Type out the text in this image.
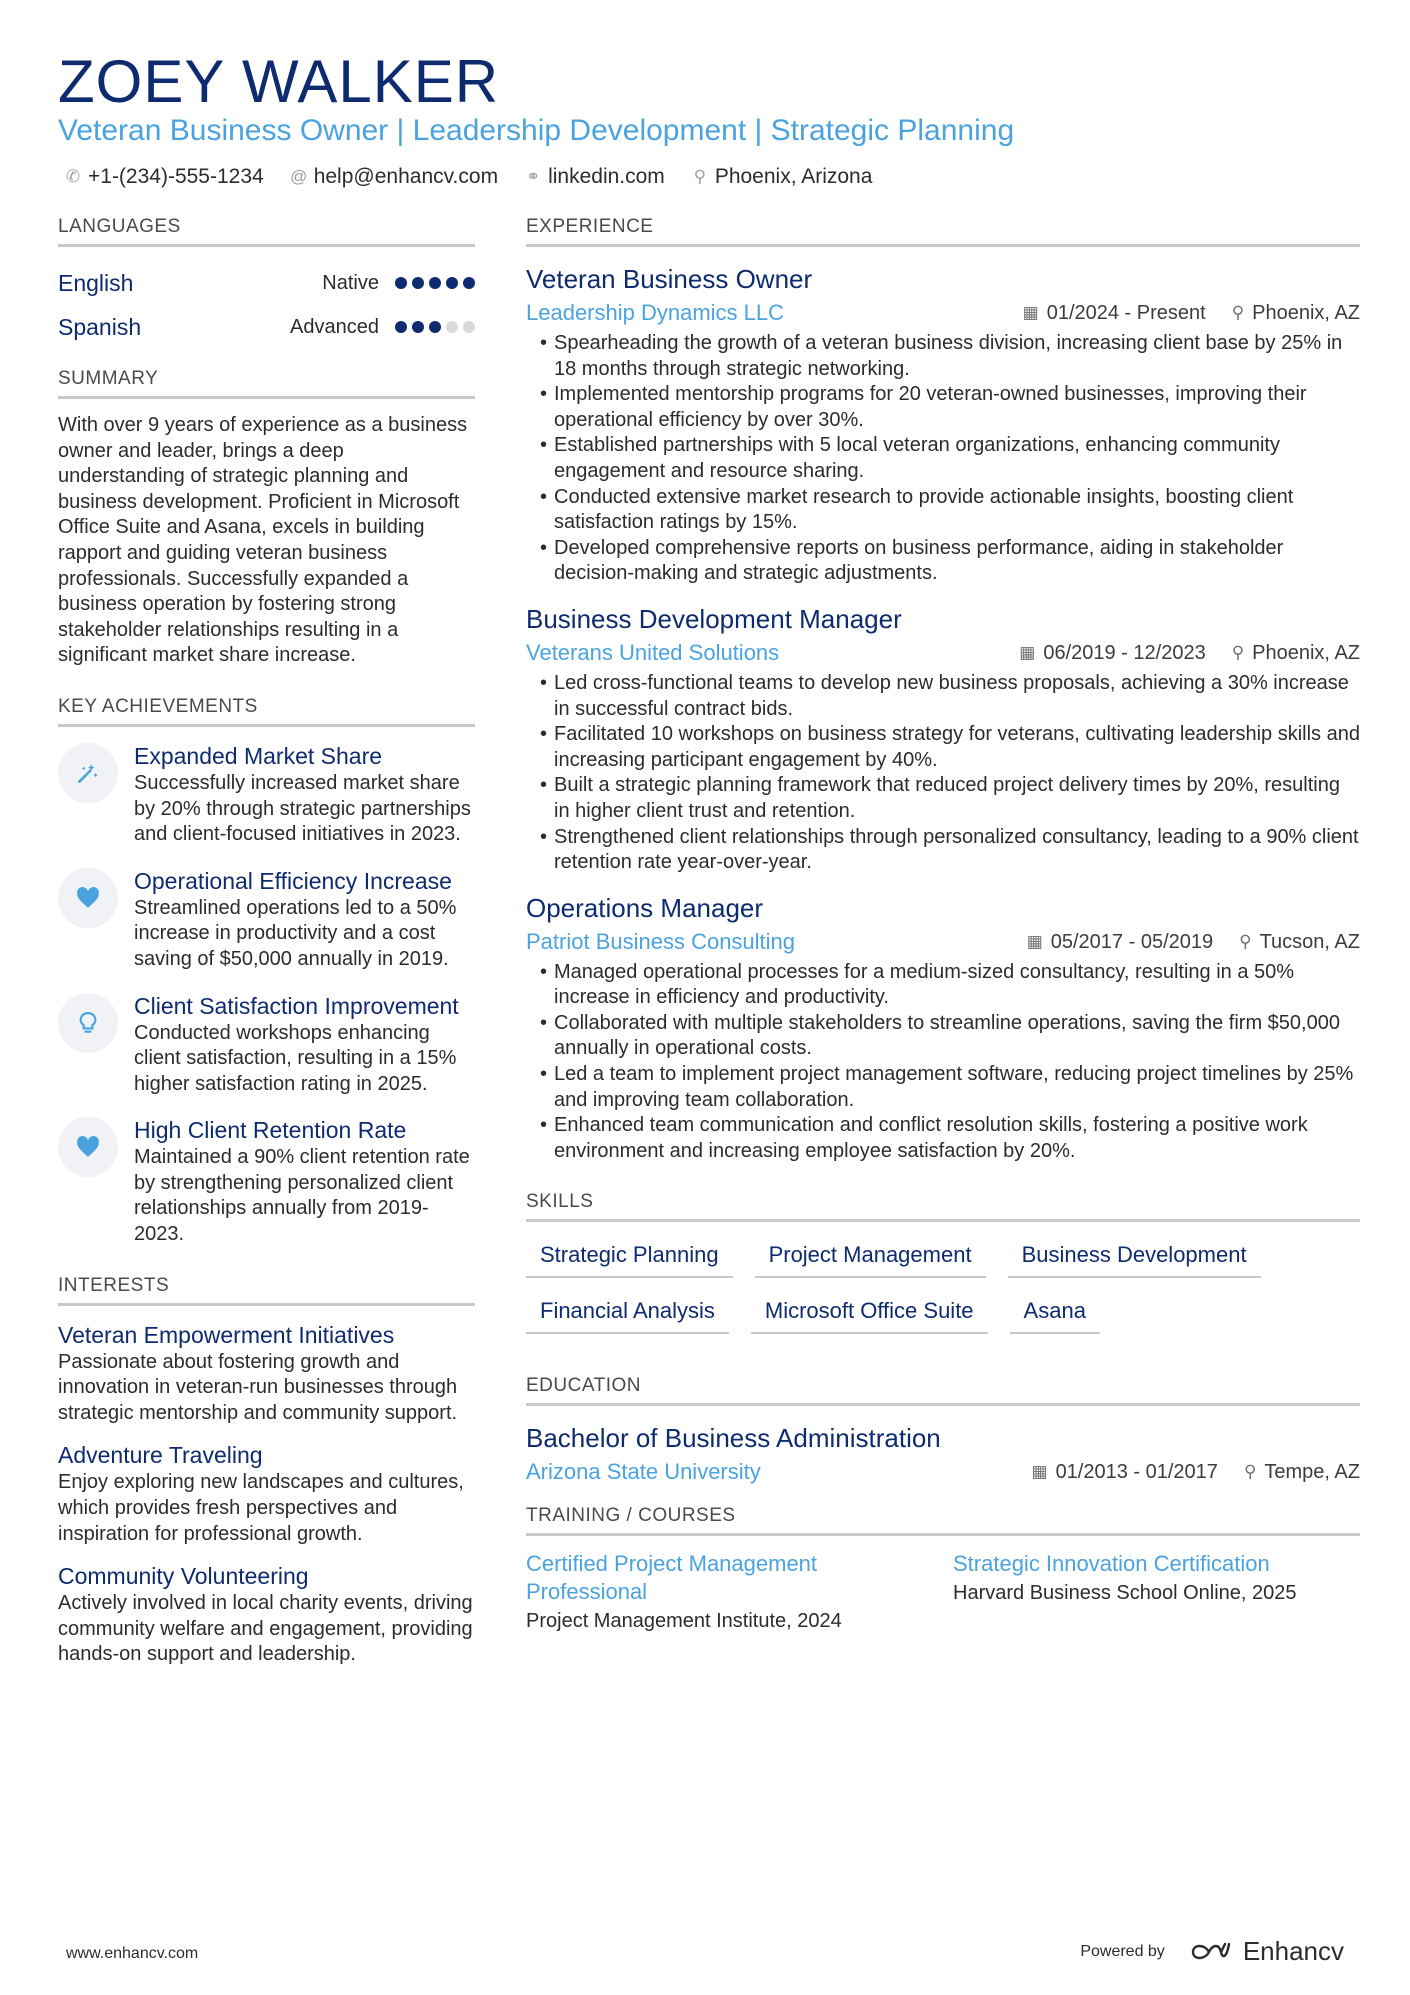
ZOEY WALKER
Veteran Business Owner | Leadership Development | Strategic Planning
✆ +1-(234)-555-1234 @ help@enhancv.com ⚭ linkedin.com ⚲ Phoenix, Arizona
LANGUAGES
English	Native
Spanish	Advanced
SUMMARY
With over 9 years of experience as a business owner and leader, brings a deep understanding of strategic planning and business development. Proficient in Microsoft Office Suite and Asana, excels in building rapport and guiding veteran business professionals. Successfully expanded a business operation by fostering strong stakeholder relationships resulting in a significant market share increase.
KEY ACHIEVEMENTS
Expanded Market Share
Successfully increased market share by 20% through strategic partnerships and client-focused initiatives in 2023.
Operational Efficiency Increase
Streamlined operations led to a 50% increase in productivity and a cost saving of $50,000 annually in 2019.
Client Satisfaction Improvement
Conducted workshops enhancing client satisfaction, resulting in a 15% higher satisfaction rating in 2025.
High Client Retention Rate
Maintained a 90% client retention rate by strengthening personalized client relationships annually from 2019-2023.
INTERESTS
Veteran Empowerment Initiatives
Passionate about fostering growth and innovation in veteran-run businesses through strategic mentorship and community support.
Adventure Traveling
Enjoy exploring new landscapes and cultures, which provides fresh perspectives and inspiration for professional growth.
Community Volunteering
Actively involved in local charity events, driving community welfare and engagement, providing hands-on support and leadership.
EXPERIENCE
Veteran Business Owner
Leadership Dynamics LLC	▦ 01/2024 - Present ⚲ Phoenix, AZ
• Spearheading the growth of a veteran business division, increasing client base by 25% in 18 months through strategic networking.
• Implemented mentorship programs for 20 veteran-owned businesses, improving their operational efficiency by over 30%.
• Established partnerships with 5 local veteran organizations, enhancing community engagement and resource sharing.
• Conducted extensive market research to provide actionable insights, boosting client satisfaction ratings by 15%.
• Developed comprehensive reports on business performance, aiding in stakeholder decision-making and strategic adjustments.
Business Development Manager
Veterans United Solutions	▦ 06/2019 - 12/2023 ⚲ Phoenix, AZ
• Led cross-functional teams to develop new business proposals, achieving a 30% increase in successful contract bids.
• Facilitated 10 workshops on business strategy for veterans, cultivating leadership skills and increasing participant engagement by 40%.
• Built a strategic planning framework that reduced project delivery times by 20%, resulting in higher client trust and retention.
• Strengthened client relationships through personalized consultancy, leading to a 90% client retention rate year-over-year.
Operations Manager
Patriot Business Consulting	▦ 05/2017 - 05/2019 ⚲ Tucson, AZ
• Managed operational processes for a medium-sized consultancy, resulting in a 50% increase in efficiency and productivity.
• Collaborated with multiple stakeholders to streamline operations, saving the firm $50,000 annually in operational costs.
• Led a team to implement project management software, reducing project timelines by 25% and improving team collaboration.
• Enhanced team communication and conflict resolution skills, fostering a positive work environment and increasing employee satisfaction by 20%.
SKILLS
Strategic Planning	Project Management	Business Development
Financial Analysis	Microsoft Office Suite	Asana
EDUCATION
Bachelor of Business Administration
Arizona State University	▦ 01/2013 - 01/2017 ⚲ Tempe, AZ
TRAINING / COURSES
Certified Project Management Professional
Project Management Institute, 2024
Strategic Innovation Certification
Harvard Business School Online, 2025
www.enhancv.com	Powered by	Enhancv
